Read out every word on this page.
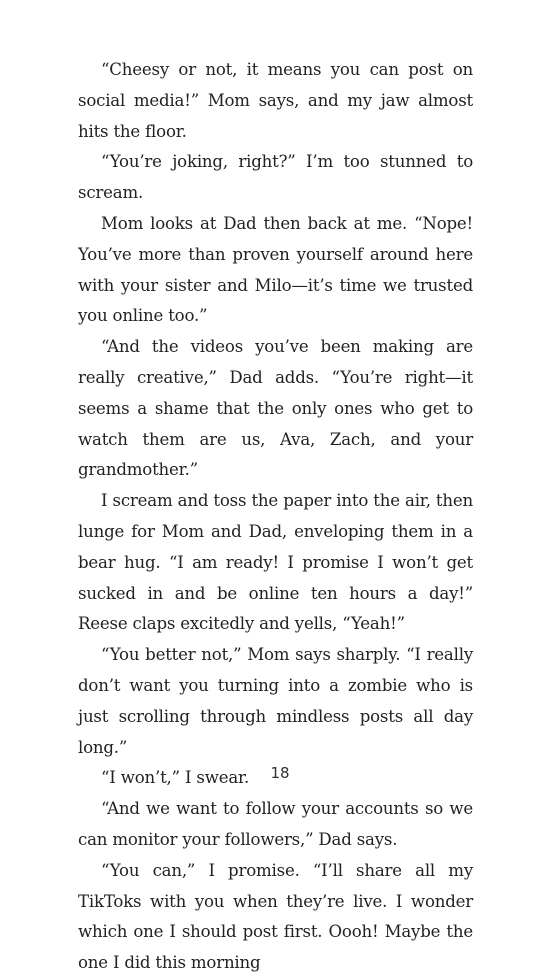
“Cheesy or not, it means you can post on social media!” Mom says, and my jaw almost hits the floor.

“You’re joking, right?” I’m too stunned to scream.

Mom looks at Dad then back at me. “Nope! You’ve more than proven yourself around here with your sister and Milo—it’s time we trusted you online too.”

“And the videos you’ve been making are really creative,” Dad adds. “You’re right—it seems a shame that the only ones who get to watch them are us, Ava, Zach, and your grandmother.”

I scream and toss the paper into the air, then lunge for Mom and Dad, enveloping them in a bear hug. “I am ready! I promise I won’t get sucked in and be online ten hours a day!” Reese claps excitedly and yells, “Yeah!”

“You better not,” Mom says sharply. “I really don’t want you turning into a zombie who is just scrolling through mindless posts all day long.”

“I won’t,” I swear.

“And we want to follow your accounts so we can monitor your followers,” Dad says.

“You can,” I promise. “I’ll share all my TikToks with you when they’re live. I wonder which one I should post first. Oooh! Maybe the one I did this morning

18
